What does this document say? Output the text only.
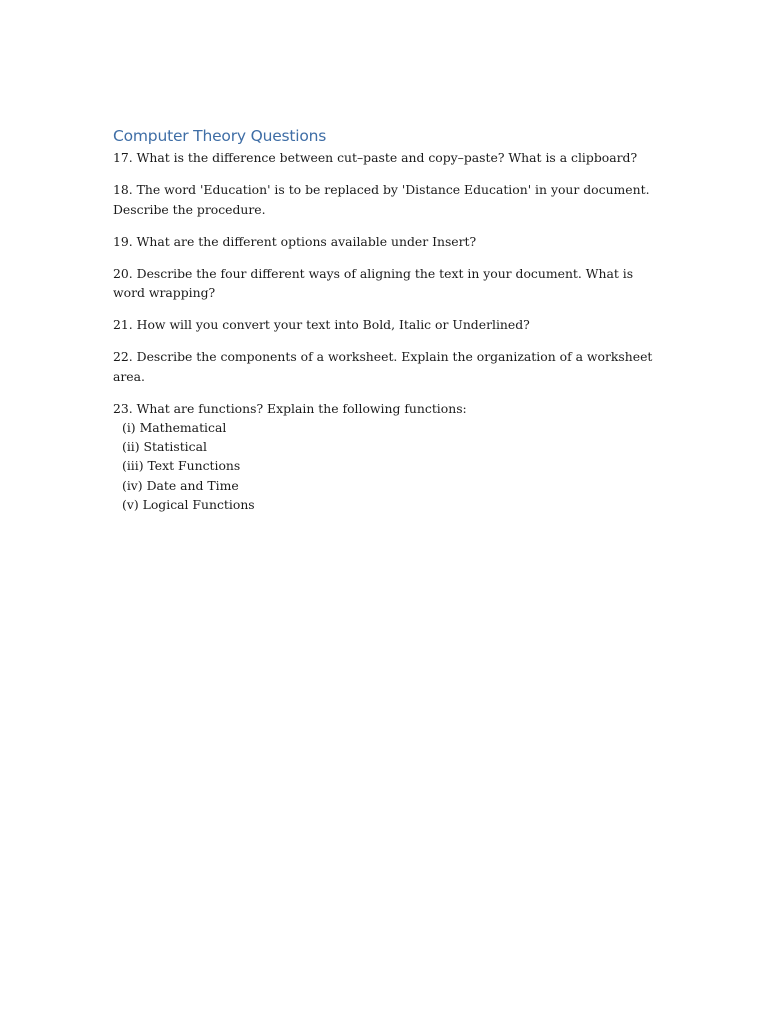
Computer Theory Questions

17. What is the difference between cut–paste and copy–paste? What is a clipboard?

18. The word 'Education' is to be replaced by 'Distance Education' in your document. Describe the procedure.

19. What are the different options available under Insert?

20. Describe the four different ways of aligning the text in your document. What is word wrapping?

21. How will you convert your text into Bold, Italic or Underlined?

22. Describe the components of a worksheet. Explain the organization of a worksheet area.

23. What are functions? Explain the following functions:

(i) Mathematical
(ii) Statistical
(iii) Text Functions
(iv) Date and Time
(v) Logical Functions
